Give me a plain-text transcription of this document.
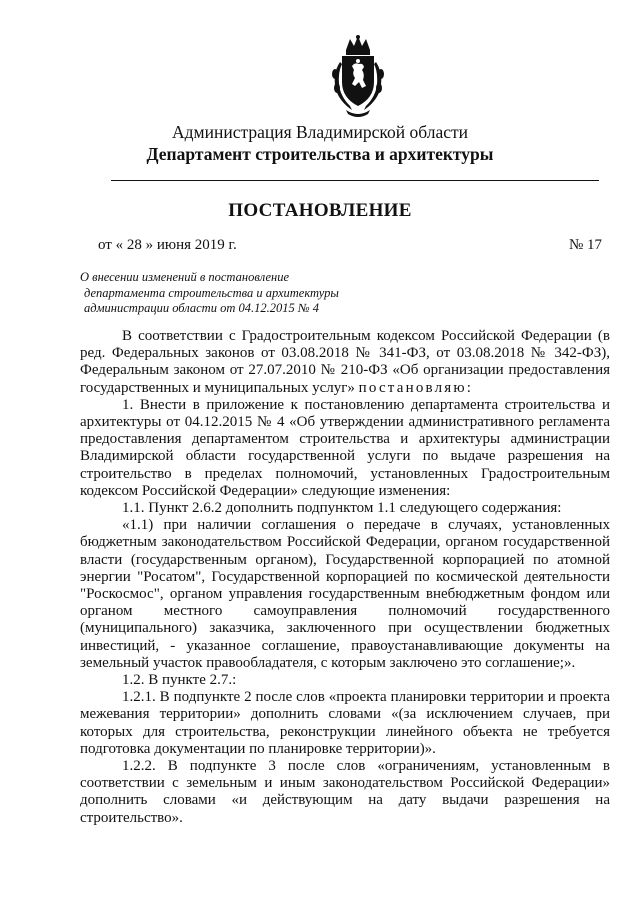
Администрация Владимирской области
Департамент строительства и архитектуры
ПОСТАНОВЛЕНИЕ
от « 28 » июня 2019 г.	№ 17
О внесении изменений в постановление
департамента строительства и архитектуры
администрации области от 04.12.2015 № 4

В соответствии с Градостроительным кодексом Российской Федерации (в ред. Федеральных законов от 03.08.2018 № 341-ФЗ, от 03.08.2018 № 342-ФЗ), Федеральным законом от 27.07.2010 № 210-ФЗ «Об организации предоставления государственных и муниципальных услуг» постановляю:

1. Внести в приложение к постановлению департамента строительства и архитектуры от 04.12.2015 № 4 «Об утверждении административного регламента предоставления департаментом строительства и архитектуры администрации Владимирской области государственной услуги по выдаче разрешения на строительство в пределах полномочий, установленных Градостроительным кодексом Российской Федерации» следующие изменения:

1.1. Пункт 2.6.2 дополнить подпунктом 1.1 следующего содержания:

«1.1) при наличии соглашения о передаче в случаях, установленных бюджетным законодательством Российской Федерации, органом государственной власти (государственным органом), Государственной корпорацией по атомной энергии "Росатом", Государственной корпорацией по космической деятельности "Роскосмос", органом управления государственным внебюджетным фондом или органом местного самоуправления полномочий государственного (муниципального) заказчика, заключенного при осуществлении бюджетных инвестиций, - указанное соглашение, правоустанавливающие документы на земельный участок правообладателя, с которым заключено это соглашение;».

1.2. В пункте 2.7.:

1.2.1. В подпункте 2 после слов «проекта планировки территории и проекта межевания территории» дополнить словами «(за исключением случаев, при которых для строительства, реконструкции линейного объекта не требуется подготовка документации по планировке территории)».

1.2.2. В подпункте 3 после слов «ограничениям, установленным в соответствии с земельным и иным законодательством Российской Федерации» дополнить словами «и действующим на дату выдачи разрешения на строительство».
